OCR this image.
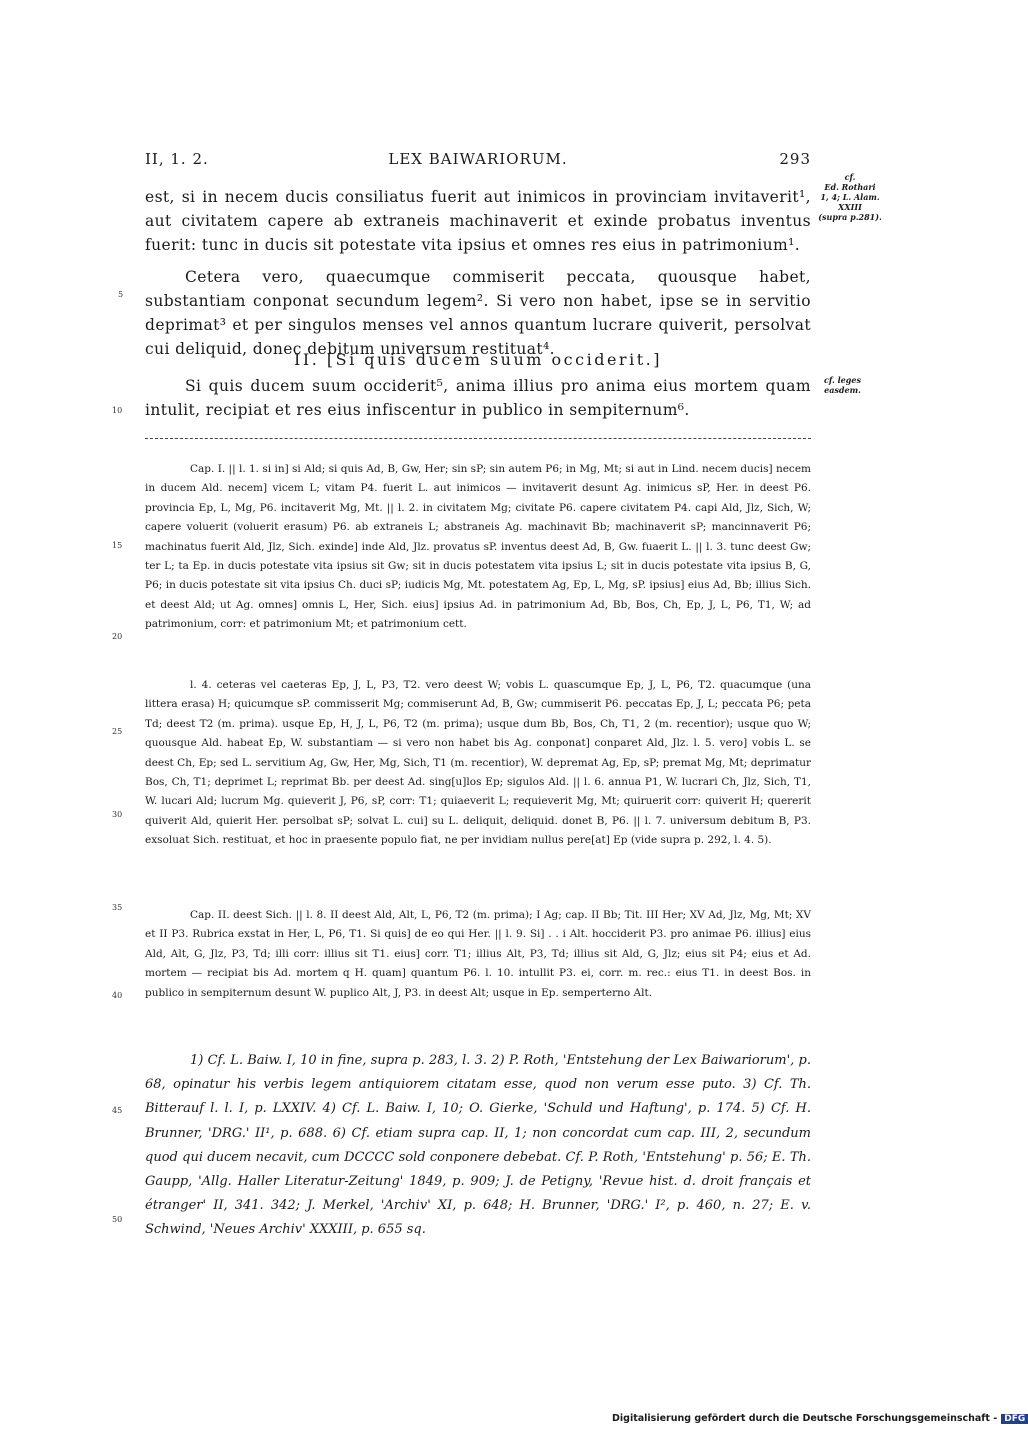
II, 1. 2.	LEX BAIWARIORUM.	293
cf.
Ed. Rothari
1, 4; L. Alam.
XXIII
(supra p.281).
cf. leges
easdem.
5
10
15
20
25
30
35
40
45
50

est, si in necem ducis consiliatus fuerit aut inimicos in provinciam invitaverit¹, aut civitatem capere ab extraneis machinaverit et exinde probatus inventus fuerit: tunc in ducis sit potestate vita ipsius et omnes res eius in patrimonium¹.

Cetera vero, quaecumque commiserit peccata, quousque habet, substantiam conponat secundum legem². Si vero non habet, ipse se in servitio deprimat³ et per singulos menses vel annos quantum lucrare quiverit, persolvat cui deliquid, donec debitum universum restituat⁴.

II. [Si quis ducem suum occiderit.]

Si quis ducem suum occiderit⁵, anima illius pro anima eius mortem quam intulit, recipiat et res eius infiscentur in publico in sempiternum⁶.

Cap. I. || l. 1. si in] si Ald; si quis Ad, B, Gw, Her; sin sP; sin autem P6; in Mg, Mt; si aut in Lind. necem ducis] necem in ducem Ald. necem] vicem L; vitam P4. fuerit L. aut inimicos — invitaverit desunt Ag. inimicus sP, Her. in deest P6. provincia Ep, L, Mg, P6. incitaverit Mg, Mt. || l. 2. in civitatem Mg; civitate P6. capere civitatem P4. capi Ald, Jlz, Sich, W; capere voluerit (voluerit erasum) P6. ab extraneis L; abstraneis Ag. machinavit Bb; machinaverit sP; mancinnaverit P6; machinatus fuerit Ald, Jlz, Sich. exinde] inde Ald, Jlz. provatus sP. inventus deest Ad, B, Gw. fuaerit L. || l. 3. tunc deest Gw; ter L; ta Ep. in ducis potestate vita ipsius sit Gw; sit in ducis potestatem vita ipsius L; sit in ducis potestate vita ipsius B, G, P6; in ducis potestate sit vita ipsius Ch. duci sP; iudicis Mg, Mt. potestatem Ag, Ep, L, Mg, sP. ipsius] eius Ad, Bb; illius Sich. et deest Ald; ut Ag. omnes] omnis L, Her, Sich. eius] ipsius Ad. in patrimonium Ad, Bb, Bos, Ch, Ep, J, L, P6, T1, W; ad patrimonium, corr: et patrimonium Mt; et patrimonium cett.

l. 4. ceteras vel caeteras Ep, J, L, P3, T2. vero deest W; vobis L. quascumque Ep, J, L, P6, T2. quacumque (una littera erasa) H; quicumque sP. commisserit Mg; commiserunt Ad, B, Gw; cummiserit P6. peccatas Ep, J, L; peccata P6; peta Td; deest T2 (m. prima). usque Ep, H, J, L, P6, T2 (m. prima); usque dum Bb, Bos, Ch, T1, 2 (m. recentior); usque quo W; quousque Ald. habeat Ep, W. substantiam — si vero non habet bis Ag. conponat] conparet Ald, Jlz. l. 5. vero] vobis L. se deest Ch, Ep; sed L. servitium Ag, Gw, Her, Mg, Sich, T1 (m. recentior), W. depremat Ag, Ep, sP; premat Mg, Mt; deprimatur Bos, Ch, T1; deprimet L; reprimat Bb. per deest Ad. sing[u]los Ep; sigulos Ald. || l. 6. annua P1, W. lucrari Ch, Jlz, Sich, T1, W. lucari Ald; lucrum Mg. quieverit J, P6, sP, corr: T1; quiaeverit L; requieverit Mg, Mt; quiruerit corr: quiverit H; quererit quiverit Ald, quierit Her. persolbat sP; solvat L. cui] su L. deliquit, deliquid. donet B, P6. || l. 7. universum debitum B, P3. exsoluat Sich. restituat, et hoc in praesente populo fiat, ne per invidiam nullus pere[at] Ep (vide supra p. 292, l. 4. 5).

Cap. II. deest Sich. || l. 8. II deest Ald, Alt, L, P6, T2 (m. prima); I Ag; cap. II Bb; Tit. III Her; XV Ad, Jlz, Mg, Mt; XV et II P3. Rubrica exstat in Her, L, P6, T1. Si quis] de eo qui Her. || l. 9. Si] . . i Alt. hocciderit P3. pro animae P6. illius] eius Ald, Alt, G, Jlz, P3, Td; illi corr: illius sit T1. eius] corr. T1; illius Alt, P3, Td; illius sit Ald, G, Jlz; eius sit P4; eius et Ad. mortem — recipiat bis Ad. mortem q H. quam] quantum P6. l. 10. intullit P3. ei, corr. m. rec.: eius T1. in deest Bos. in publico in sempiternum desunt W. puplico Alt, J, P3. in deest Alt; usque in Ep. semperterno Alt.

1) Cf. L. Baiw. I, 10 in fine, supra p. 283, l. 3. 2) P. Roth, 'Entstehung der Lex Baiwariorum', p. 68, opinatur his verbis legem antiquiorem citatam esse, quod non verum esse puto. 3) Cf. Th. Bitterauf l. l. I, p. LXXIV. 4) Cf. L. Baiw. I, 10; O. Gierke, 'Schuld und Haftung', p. 174. 5) Cf. H. Brunner, 'DRG.' II¹, p. 688. 6) Cf. etiam supra cap. II, 1; non concordat cum cap. III, 2, secundum quod qui ducem necavit, cum DCCCC sold conponere debebat. Cf. P. Roth, 'Entstehung' p. 56; E. Th. Gaupp, 'Allg. Haller Literatur-Zeitung' 1849, p. 909; J. de Petigny, 'Revue hist. d. droit français et étranger' II, 341. 342; J. Merkel, 'Archiv' XI, p. 648; H. Brunner, 'DRG.' I², p. 460, n. 27; E. v. Schwind, 'Neues Archiv' XXXIII, p. 655 sq.

Digitalisierung gefördert durch die Deutsche Forschungsgemeinschaft - DFG
